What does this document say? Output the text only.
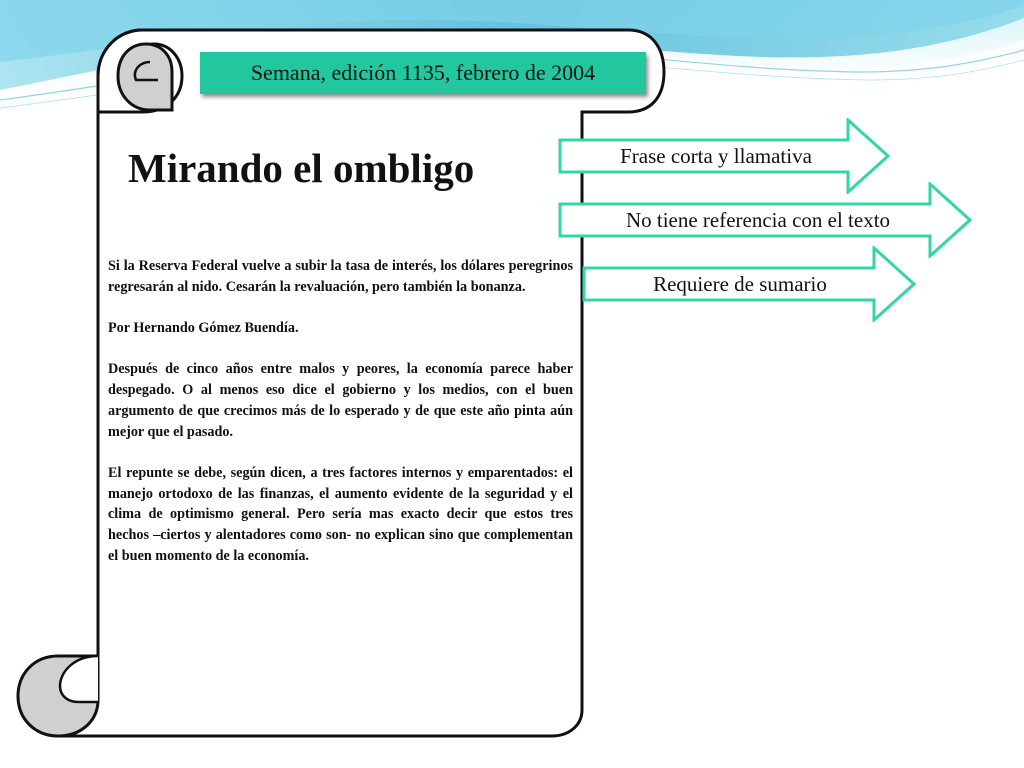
Semana, edición 1135, febrero de 2004
Mirando el ombligo

Si la Reserva Federal vuelve a subir la tasa de interés, los dólares peregrinos regresarán al nido. Cesarán la revaluación, pero también la bonanza.

Por Hernando Gómez Buendía.

Después de cinco años entre malos y peores, la economía parece haber despegado. O al menos eso dice el gobierno y los medios, con el buen argumento de que crecimos más de lo esperado y de que este año pinta aún mejor que el pasado.

El repunte se debe, según dicen, a tres factores internos y emparentados: el manejo ortodoxo de las finanzas, el aumento evidente de la seguridad y el clima de optimismo general. Pero sería mas exacto decir que estos tres hechos –ciertos y alentadores como son- no explican sino que complementan el buen momento de la economía.

Frase corta y llamativa
No tiene referencia con el texto
Requiere de sumario
